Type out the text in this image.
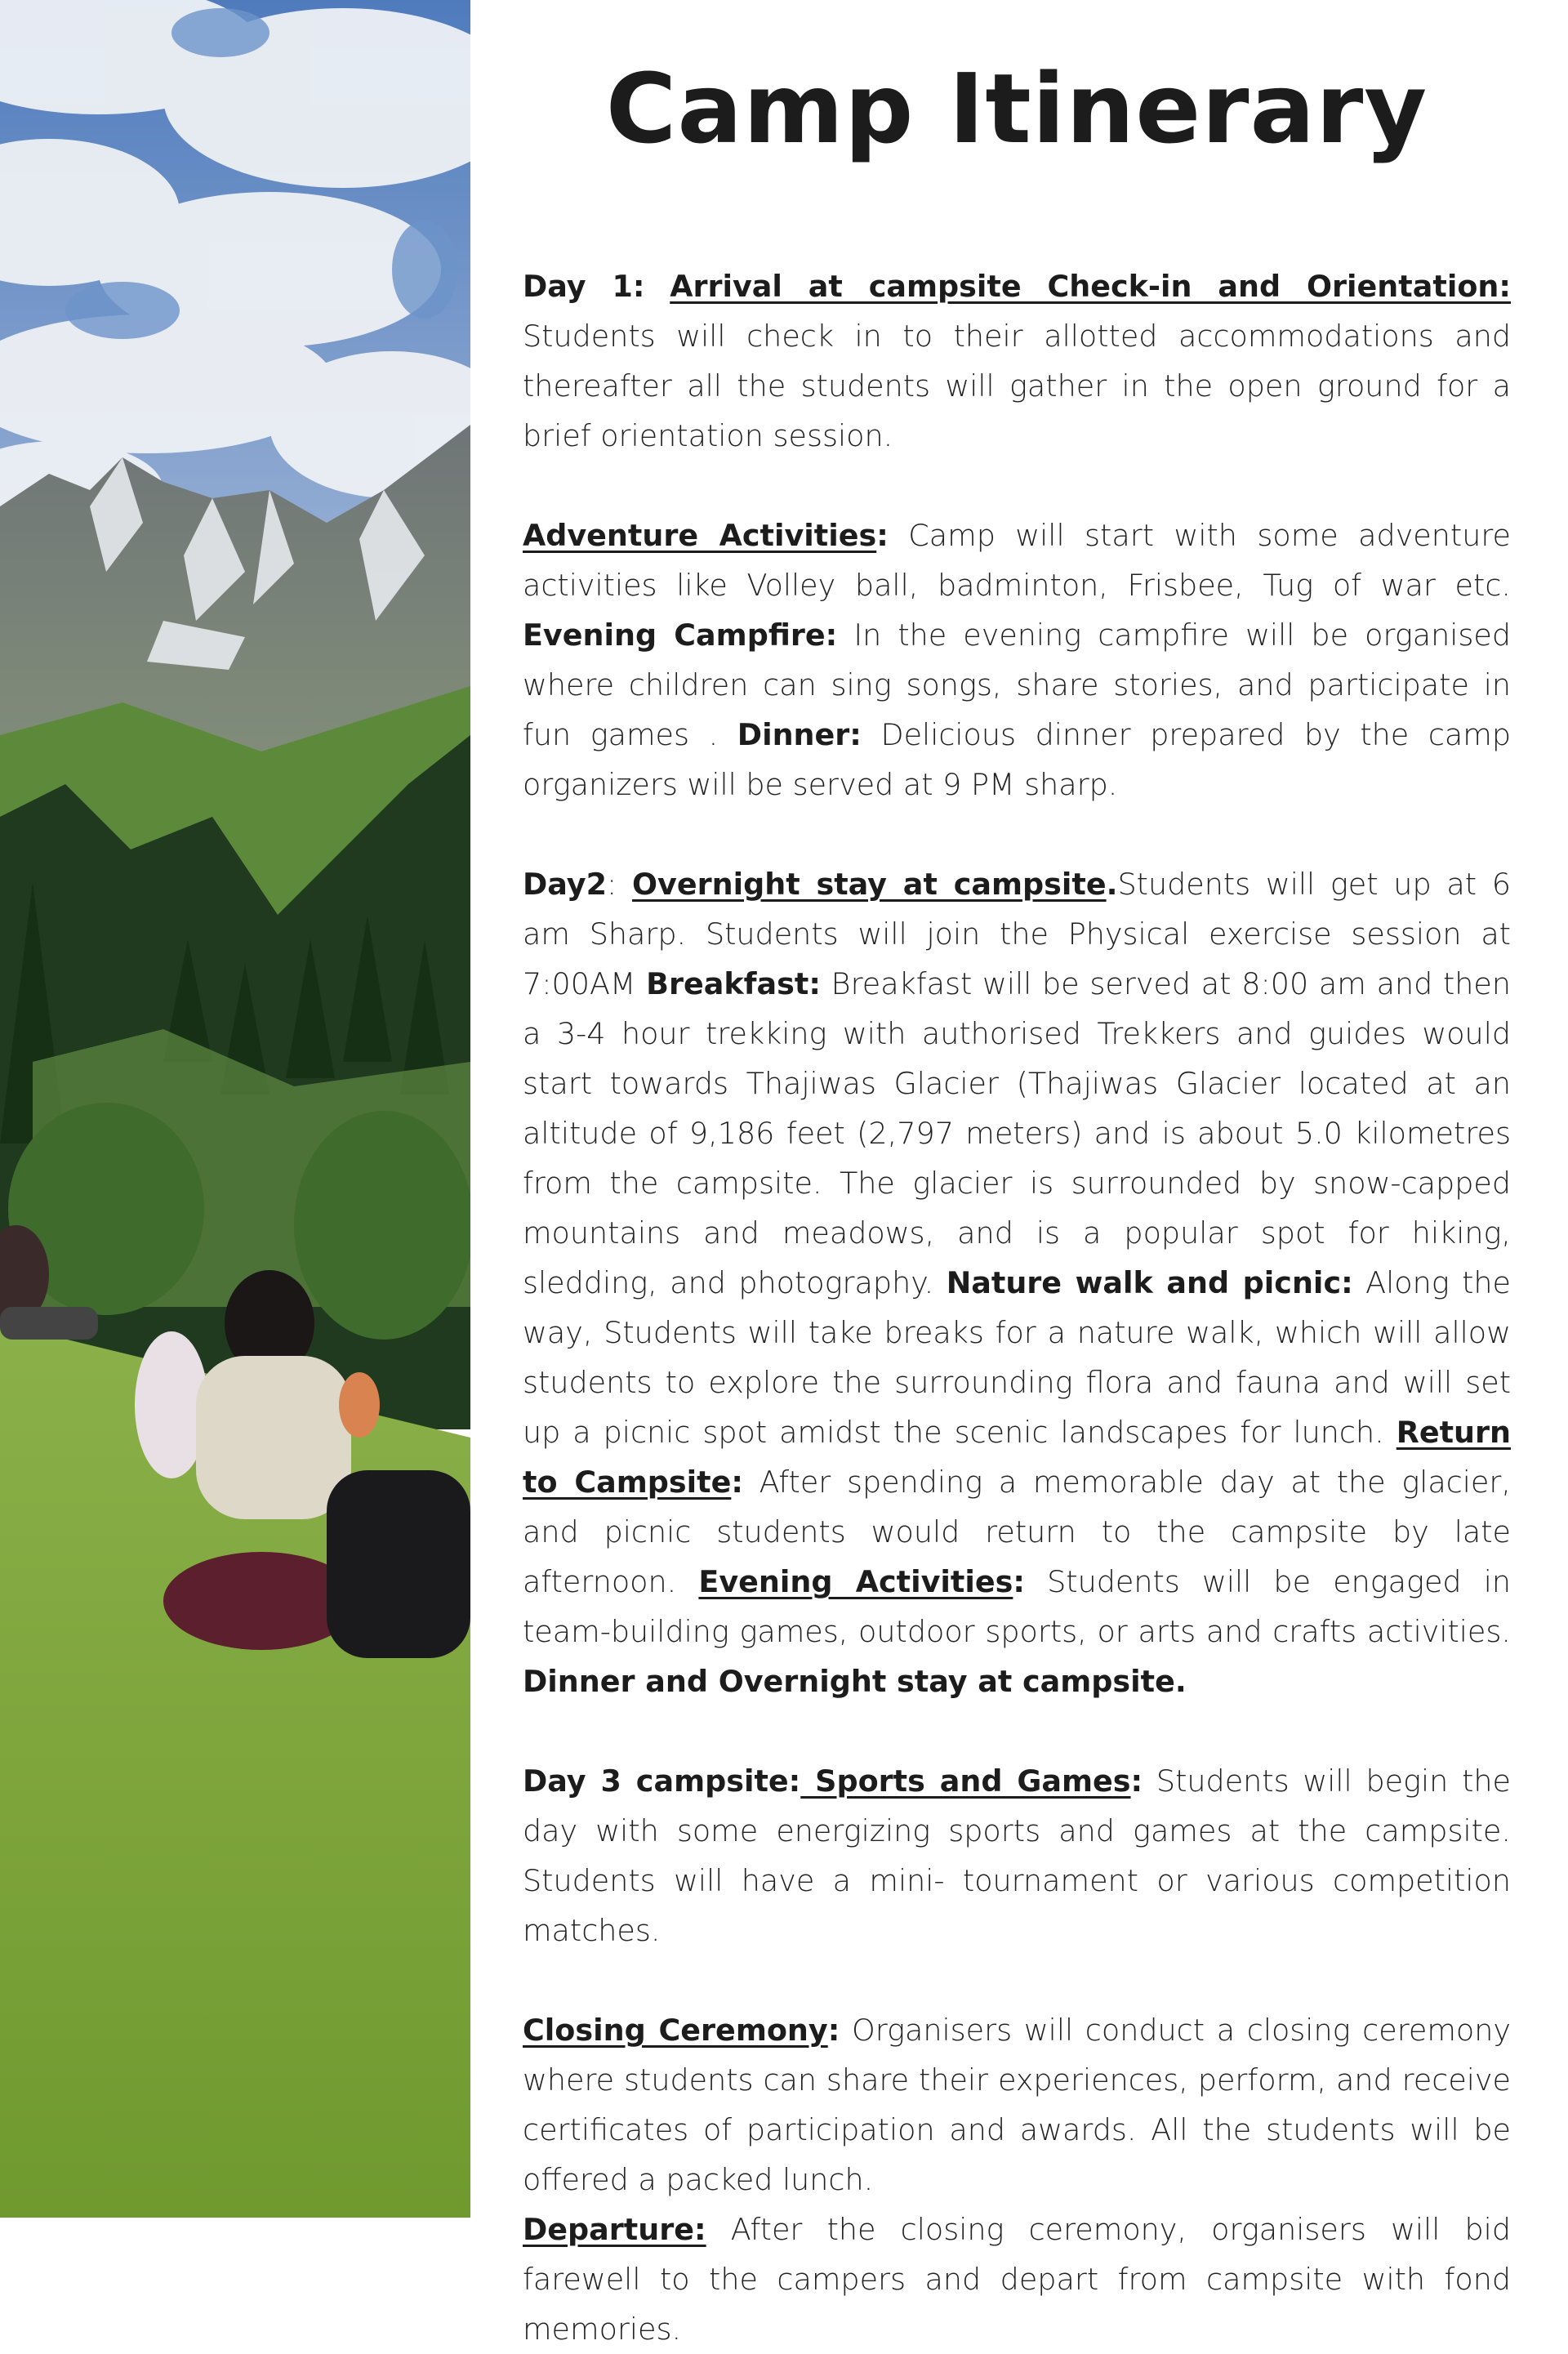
Camp Itinerary

Day 1: Arrival at campsite Check-in and Orientation: Students will check in to their allotted accommodations and thereafter all the students will gather in the open ground for a brief orientation session.

Adventure Activities: Camp will start with some adventure activities like Volley ball, badminton, Frisbee, Tug of war etc. Evening Campfire: In the evening campfire will be organised where children can sing songs, share stories, and participate in fun games . Dinner: Delicious dinner prepared by the camp organizers will be served at 9 PM sharp.

Day2: Overnight stay at campsite.Students will get up at 6 am Sharp. Students will join the Physical exercise session at 7:00AM Breakfast: Breakfast will be served at 8:00 am and then a 3-4 hour trekking with authorised Trekkers and guides would start towards Thajiwas Glacier (Thajiwas Glacier located at an altitude of 9,186 feet (2,797 meters) and is about 5.0 kilometres from the campsite. The glacier is surrounded by snow-capped mountains and meadows, and is a popular spot for hiking, sledding, and photography. Nature walk and picnic: Along the way, Students will take breaks for a nature walk, which will allow students to explore the surrounding flora and fauna and will set up a picnic spot amidst the scenic landscapes for lunch. Return to Campsite: After spending a memorable day at the glacier, and picnic students would return to the campsite by late afternoon. Evening Activities: Students will be engaged in team-building games, outdoor sports, or arts and crafts activities. Dinner and Overnight stay at campsite.

Day 3 campsite: Sports and Games: Students will begin the day with some energizing sports and games at the campsite. Students will have a mini- tournament or various competition matches.

Closing Ceremony: Organisers will conduct a closing ceremony where students can share their experiences, perform, and receive certificates of participation and awards. All the students will be offered a packed lunch.

Departure: After the closing ceremony, organisers will bid farewell to the campers and depart from campsite with fond memories.
